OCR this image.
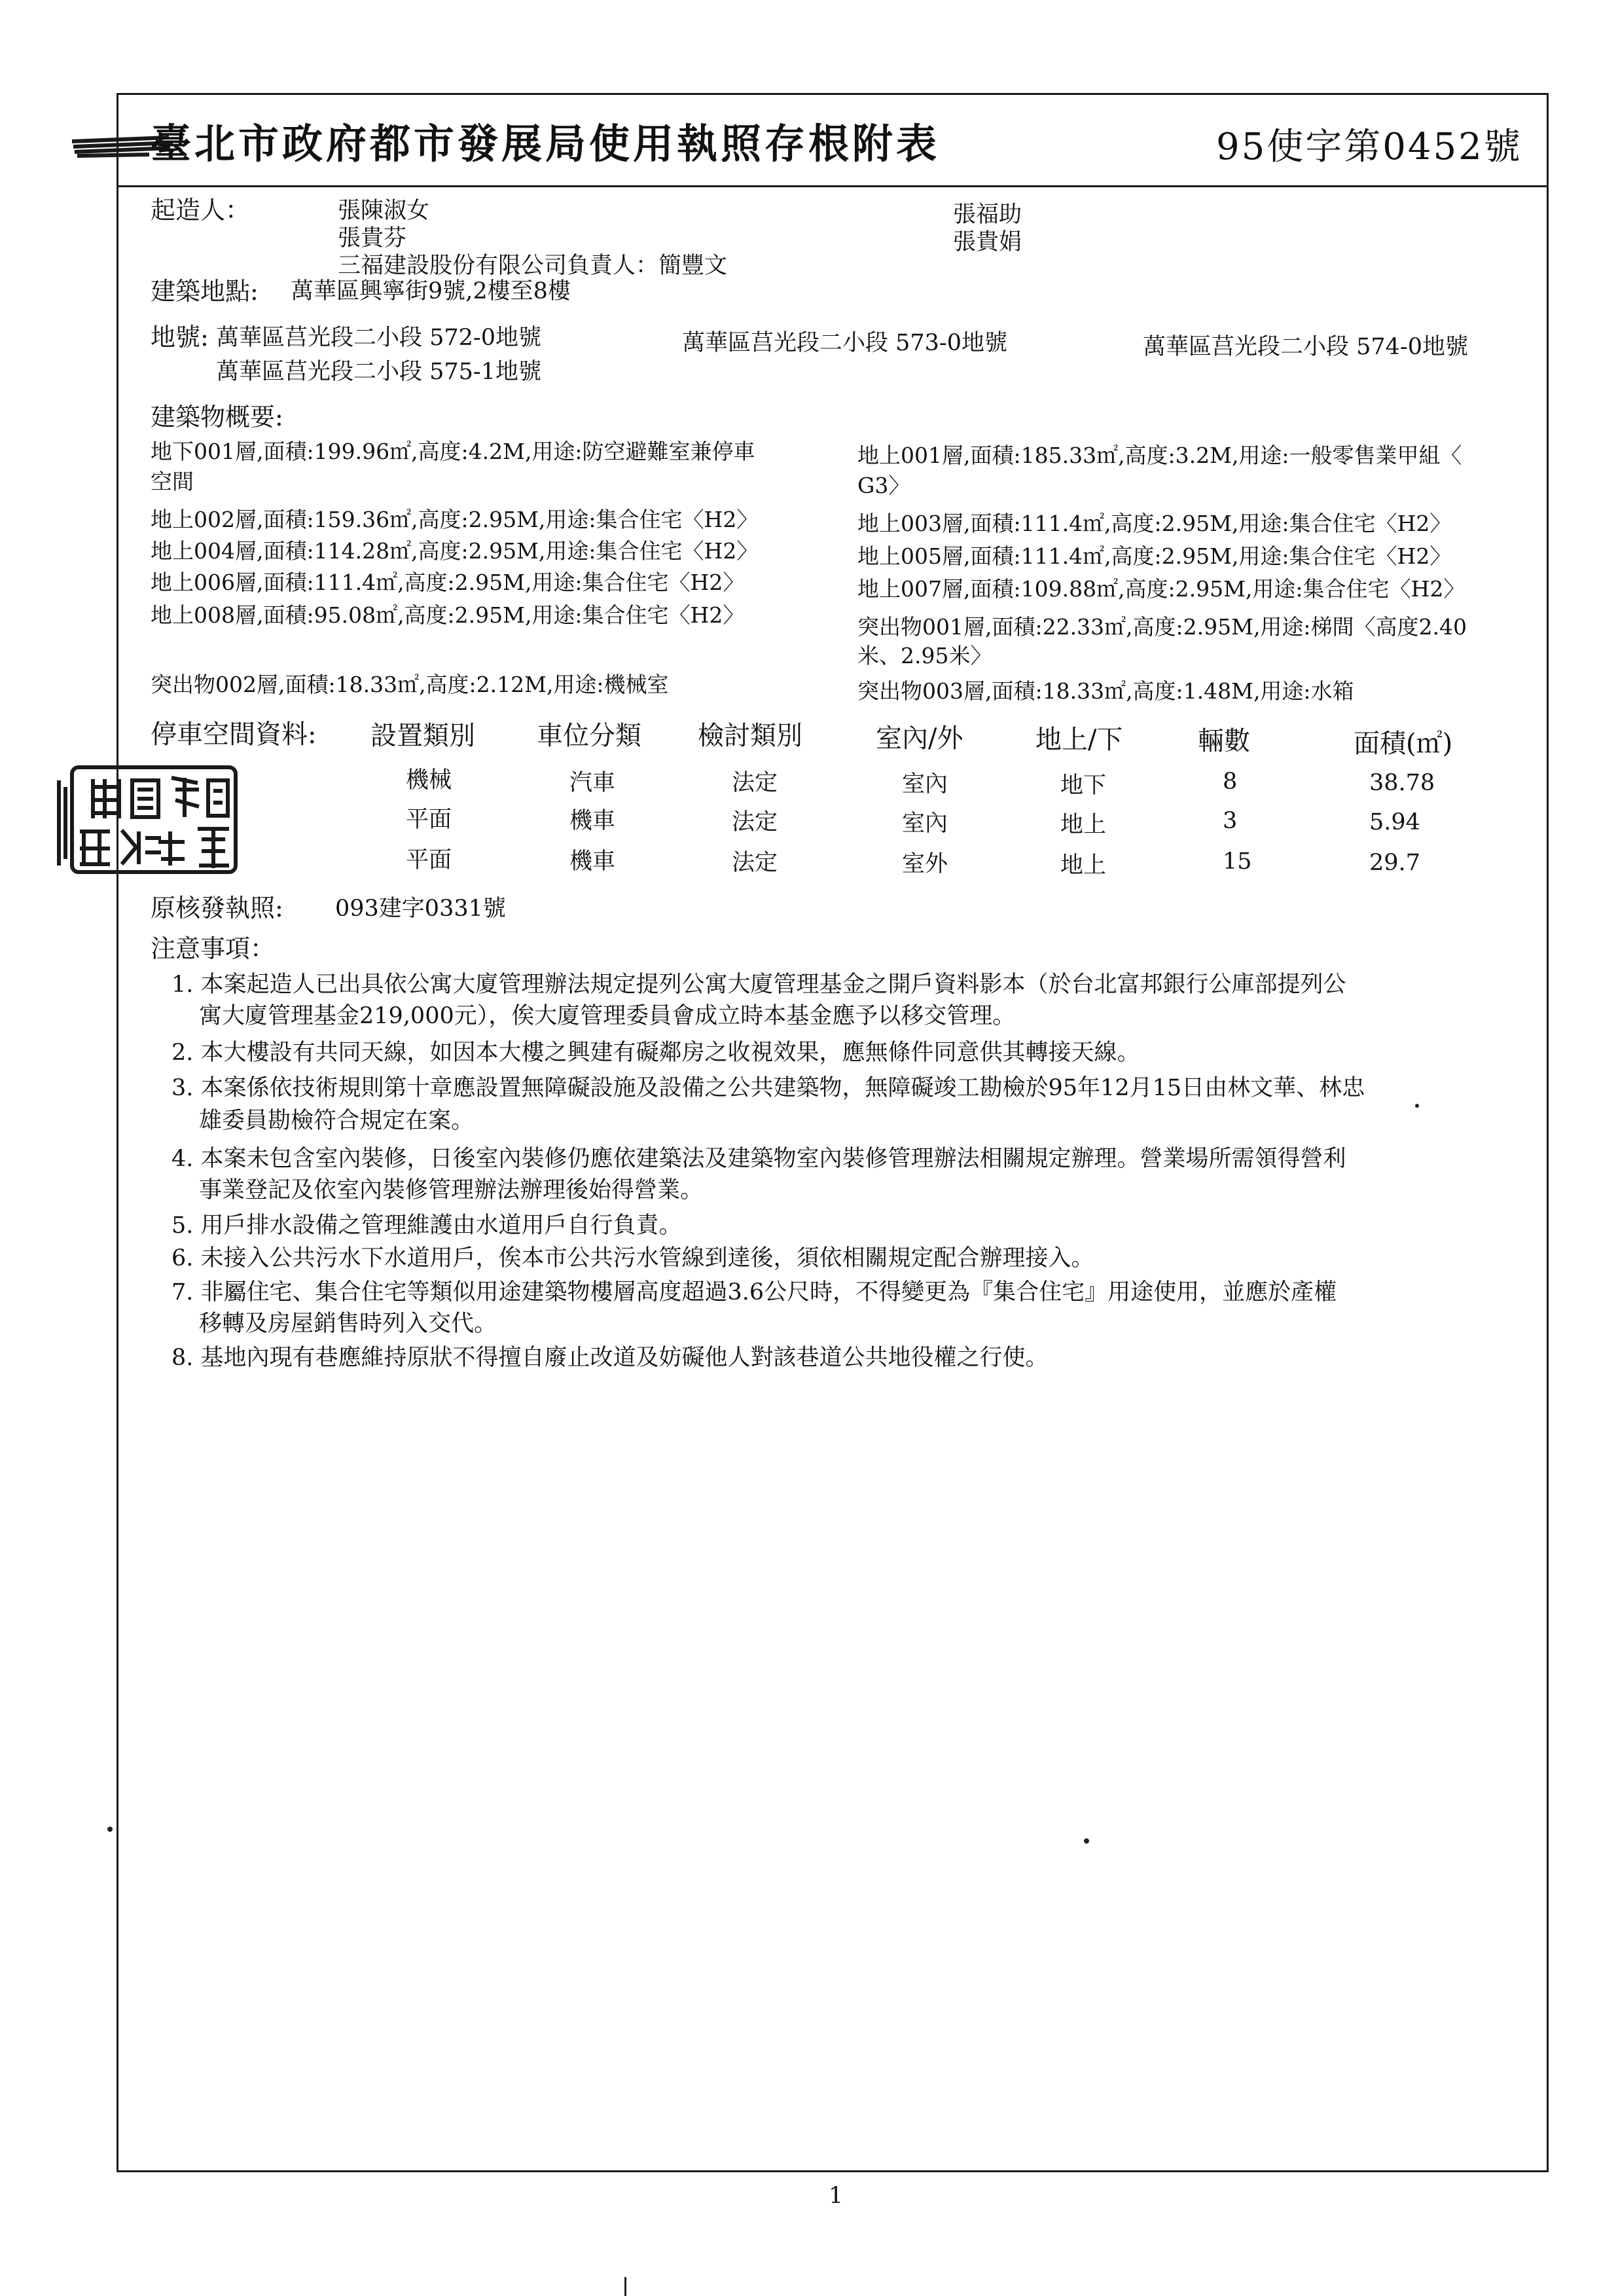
臺北市政府都市發展局使用執照存根附表	95使字第0452號
起造人：	張陳淑女
張貴芬
三福建設股份有限公司負責人：簡豐文
張福助
張貴娟
建築地點: 萬華區興寧街9號,2樓至8樓
地號: 萬華區莒光段二小段 572-0地號	萬華區莒光段二小段 573-0地號	萬華區莒光段二小段 574-0地號
萬華區莒光段二小段 575-1地號
建築物概要:
地下001層,面積:199.96㎡,高度:4.2M,用途:防空避難室兼停車
空間
地上002層,面積:159.36㎡,高度:2.95M,用途:集合住宅〈H2〉
地上004層,面積:114.28㎡,高度:2.95M,用途:集合住宅〈H2〉
地上006層,面積:111.4㎡,高度:2.95M,用途:集合住宅〈H2〉
地上008層,面積:95.08㎡,高度:2.95M,用途:集合住宅〈H2〉
突出物002層,面積:18.33㎡,高度:2.12M,用途:機械室
地上001層,面積:185.33㎡,高度:3.2M,用途:一般零售業甲組〈
G3〉
地上003層,面積:111.4㎡,高度:2.95M,用途:集合住宅〈H2〉
地上005層,面積:111.4㎡,高度:2.95M,用途:集合住宅〈H2〉
地上007層,面積:109.88㎡,高度:2.95M,用途:集合住宅〈H2〉
突出物001層,面積:22.33㎡,高度:2.95M,用途:梯間〈高度2.40
米、2.95米〉
突出物003層,面積:18.33㎡,高度:1.48M,用途:水箱
停車空間資料: 設置類別 車位分類 檢討類別	室內/外	地上/下	輛數	面積(㎡)
機械	汽車	法定	室內	地下	8	38.78
平面	機車	法定	室內	地上	3	5.94
平面	機車	法定	室外	地上	15	29.7
原核發執照: 093建字0331號
注意事項：
1. 本案起造人已出具依公寓大廈管理辦法規定提列公寓大廈管理基金之開戶資料影本（於台北富邦銀行公庫部提列公
寓大廈管理基金219,000元），俟大廈管理委員會成立時本基金應予以移交管理。
2. 本大樓設有共同天線，如因本大樓之興建有礙鄰房之收視效果，應無條件同意供其轉接天線。
3. 本案係依技術規則第十章應設置無障礙設施及設備之公共建築物，無障礙竣工勘檢於95年12月15日由林文華、林忠
雄委員勘檢符合規定在案。
4. 本案未包含室內裝修，日後室內裝修仍應依建築法及建築物室內裝修管理辦法相關規定辦理。營業場所需領得營利
事業登記及依室內裝修管理辦法辦理後始得營業。
5. 用戶排水設備之管理維護由水道用戶自行負責。
6. 未接入公共污水下水道用戶，俟本市公共污水管線到達後，須依相關規定配合辦理接入。
7. 非屬住宅、集合住宅等類似用途建築物樓層高度超過3.6公尺時，不得變更為『集合住宅』用途使用，並應於產權
移轉及房屋銷售時列入交代。
8. 基地內現有巷應維持原狀不得擅自廢止改道及妨礙他人對該巷道公共地役權之行使。
1
